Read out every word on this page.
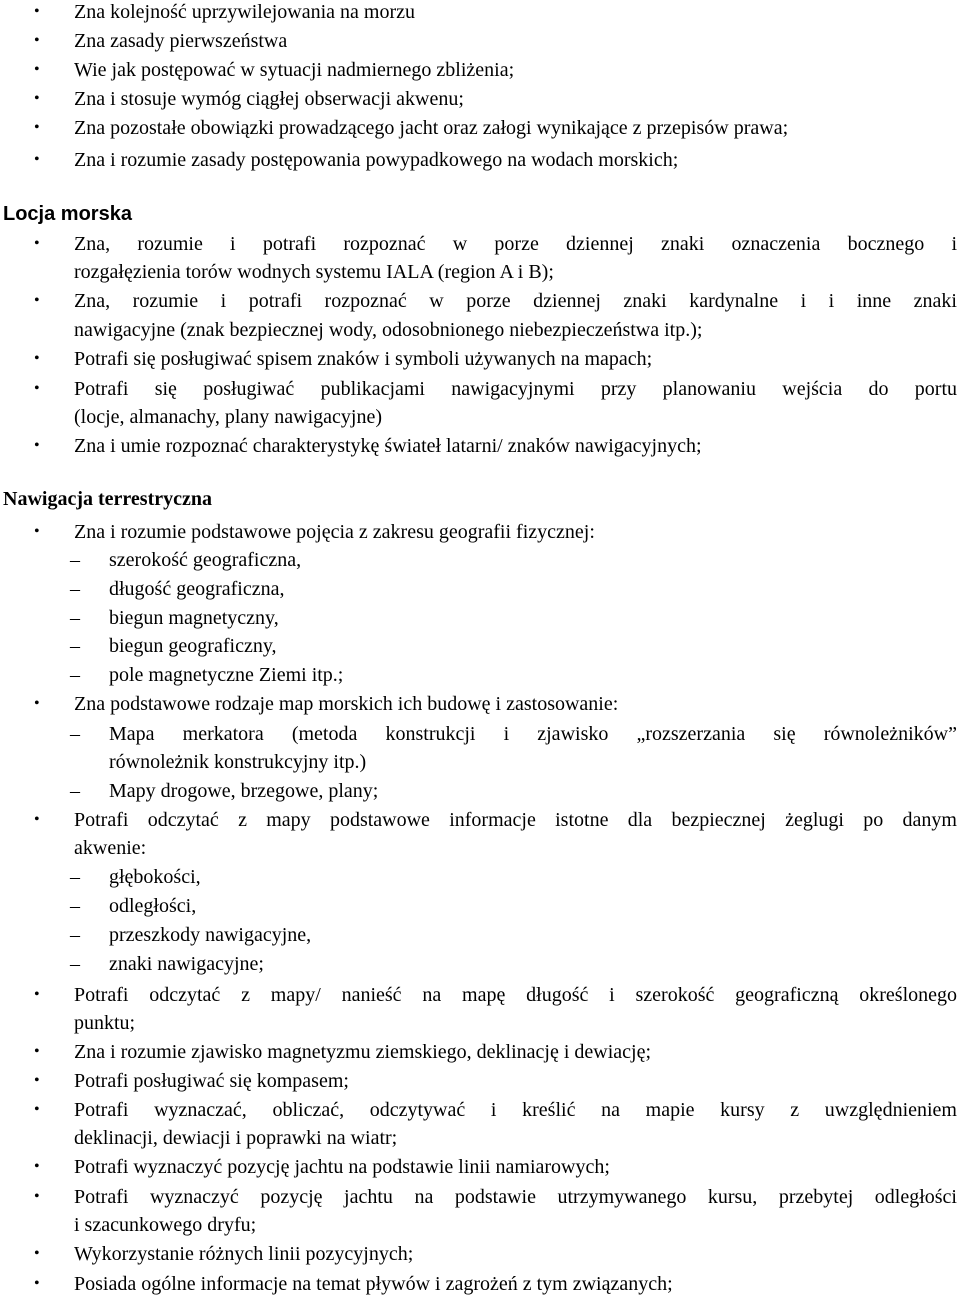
• Zna kolejność uprzywilejowania na morzu
• Zna zasady pierwszeństwa
• Wie jak postępować w sytuacji nadmiernego zbliżenia;
• Zna i stosuje wymóg ciągłej obserwacji akwenu;
• Zna pozostałe obowiązki prowadzącego jacht oraz załogi wynikające z przepisów prawa;
• Zna i rozumie zasady postępowania powypadkowego na wodach morskich;
Locja morska
• Zna, rozumie i potrafi rozpoznać w porze dziennej znaki oznaczenia bocznego i
rozgałęzienia torów wodnych systemu IALA (region A i B);
• Zna, rozumie i potrafi rozpoznać w porze dziennej znaki kardynalne i i inne znaki
nawigacyjne (znak bezpiecznej wody, odosobnionego niebezpieczeństwa itp.);
• Potrafi się posługiwać spisem znaków i symboli używanych na mapach;
• Potrafi się posługiwać publikacjami nawigacyjnymi przy planowaniu wejścia do portu
(locje, almanachy, plany nawigacyjne)
• Zna i umie rozpoznać charakterystykę świateł latarni/ znaków nawigacyjnych;
Nawigacja terrestryczna
• Zna i rozumie podstawowe pojęcia z zakresu geografii fizycznej:
– szerokość geograficzna,
– długość geograficzna,
– biegun magnetyczny,
– biegun geograficzny,
– pole magnetyczne Ziemi itp.;
• Zna podstawowe rodzaje map morskich ich budowę i zastosowanie:
– Mapa merkatora (metoda konstrukcji i zjawisko „rozszerzania się równoleżników”
równoleżnik konstrukcyjny itp.)
– Mapy drogowe, brzegowe, plany;
• Potrafi odczytać z mapy podstawowe informacje istotne dla bezpiecznej żeglugi po danym
akwenie:
– głębokości,
– odległości,
– przeszkody nawigacyjne,
– znaki nawigacyjne;
• Potrafi odczytać z mapy/ nanieść na mapę długość i szerokość geograficzną określonego
punktu;
• Zna i rozumie zjawisko magnetyzmu ziemskiego, deklinację i dewiację;
• Potrafi posługiwać się kompasem;
• Potrafi wyznaczać, obliczać, odczytywać i kreślić na mapie kursy z uwzględnieniem
deklinacji, dewiacji i poprawki na wiatr;
• Potrafi wyznaczyć pozycję jachtu na podstawie linii namiarowych;
• Potrafi wyznaczyć pozycję jachtu na podstawie utrzymywanego kursu, przebytej odległości
i szacunkowego dryfu;
• Wykorzystanie różnych linii pozycyjnych;
• Posiada ogólne informacje na temat pływów i zagrożeń z tym związanych;
